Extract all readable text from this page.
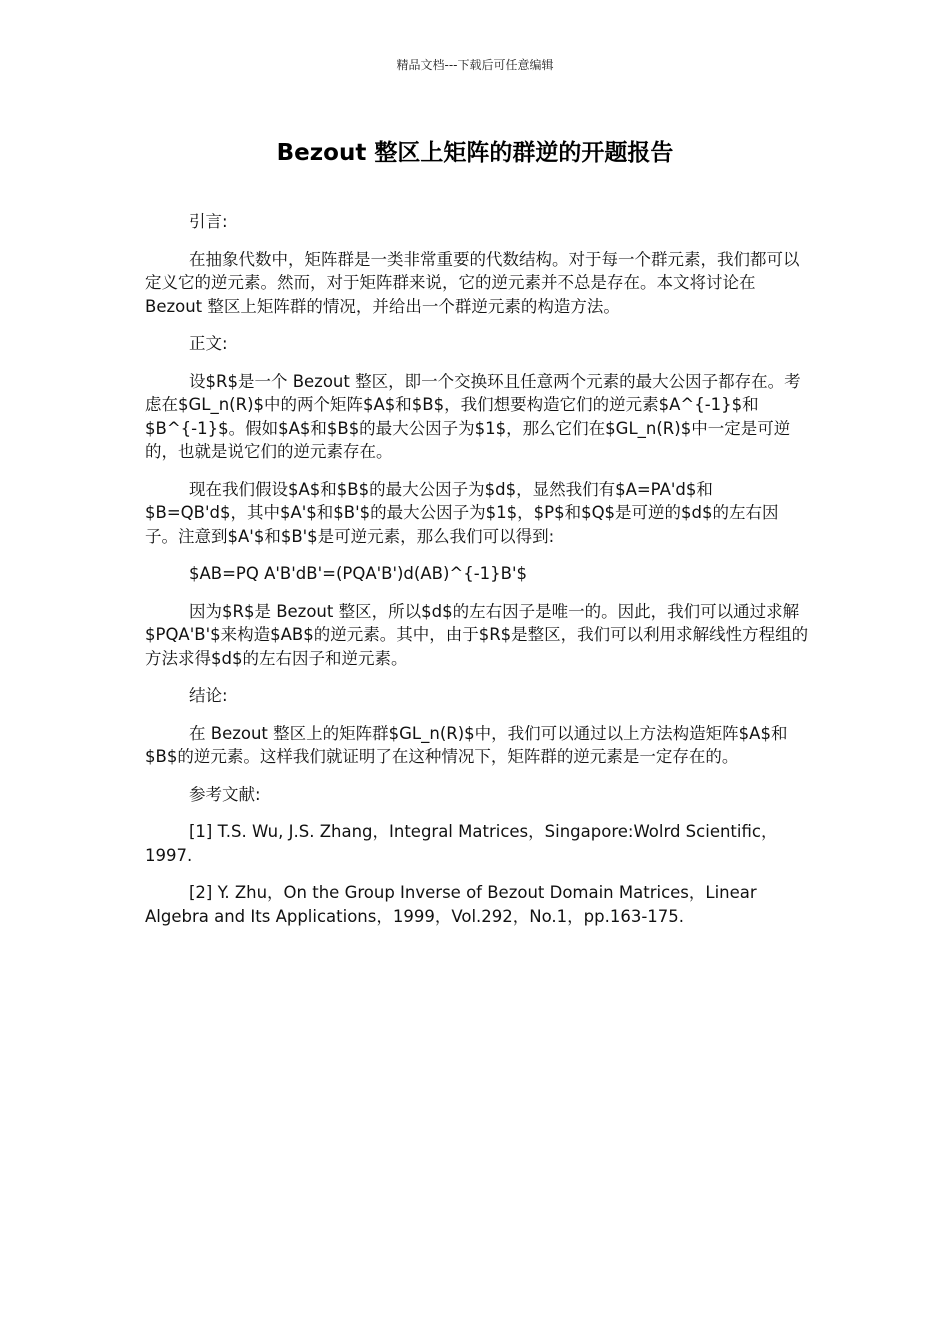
精品文档---下载后可任意编辑
Bezout 整区上矩阵的群逆的开题报告

引言:

在抽象代数中，矩阵群是一类非常重要的代数结构。对于每一个群元素，我们都可以定义它的逆元素。然而，对于矩阵群来说，它的逆元素并不总是存在。本文将讨论在 Bezout 整区上矩阵群的情况，并给出一个群逆元素的构造方法。

正文:

设$R$是一个 Bezout 整区，即一个交换环且任意两个元素的最大公因子都存在。考虑在$GL_n(R)$中的两个矩阵$A$和$B$，我们想要构造它们的逆元素$A^{-1}$和$B^{-1}$。假如$A$和$B$的最大公因子为$1$，那么它们在$GL_n(R)$中一定是可逆的，也就是说它们的逆元素存在。

现在我们假设$A$和$B$的最大公因子为$d$，显然我们有$A=PA'd$和$B=QB'd$，其中$A'$和$B'$的最大公因子为$1$，$P$和$Q$是可逆的$d$的左右因子。注意到$A'$和$B'$是可逆元素，那么我们可以得到:

$AB=PQ A'B'dB'=(PQA'B')d(AB)^{-1}B'$

因为$R$是 Bezout 整区，所以$d$的左右因子是唯一的。因此，我们可以通过求解$PQA'B'$来构造$AB$的逆元素。其中，由于$R$是整区，我们可以利用求解线性方程组的方法求得$d$的左右因子和逆元素。

结论:

在 Bezout 整区上的矩阵群$GL_n(R)$中，我们可以通过以上方法构造矩阵$A$和$B$的逆元素。这样我们就证明了在这种情况下，矩阵群的逆元素是一定存在的。

参考文献:

[1] T.S. Wu, J.S. Zhang，Integral Matrices，Singapore:Wolrd Scientific，1997.

[2] Y. Zhu，On the Group Inverse of Bezout Domain Matrices，Linear Algebra and Its Applications，1999，Vol.292，No.1，pp.163-175.
